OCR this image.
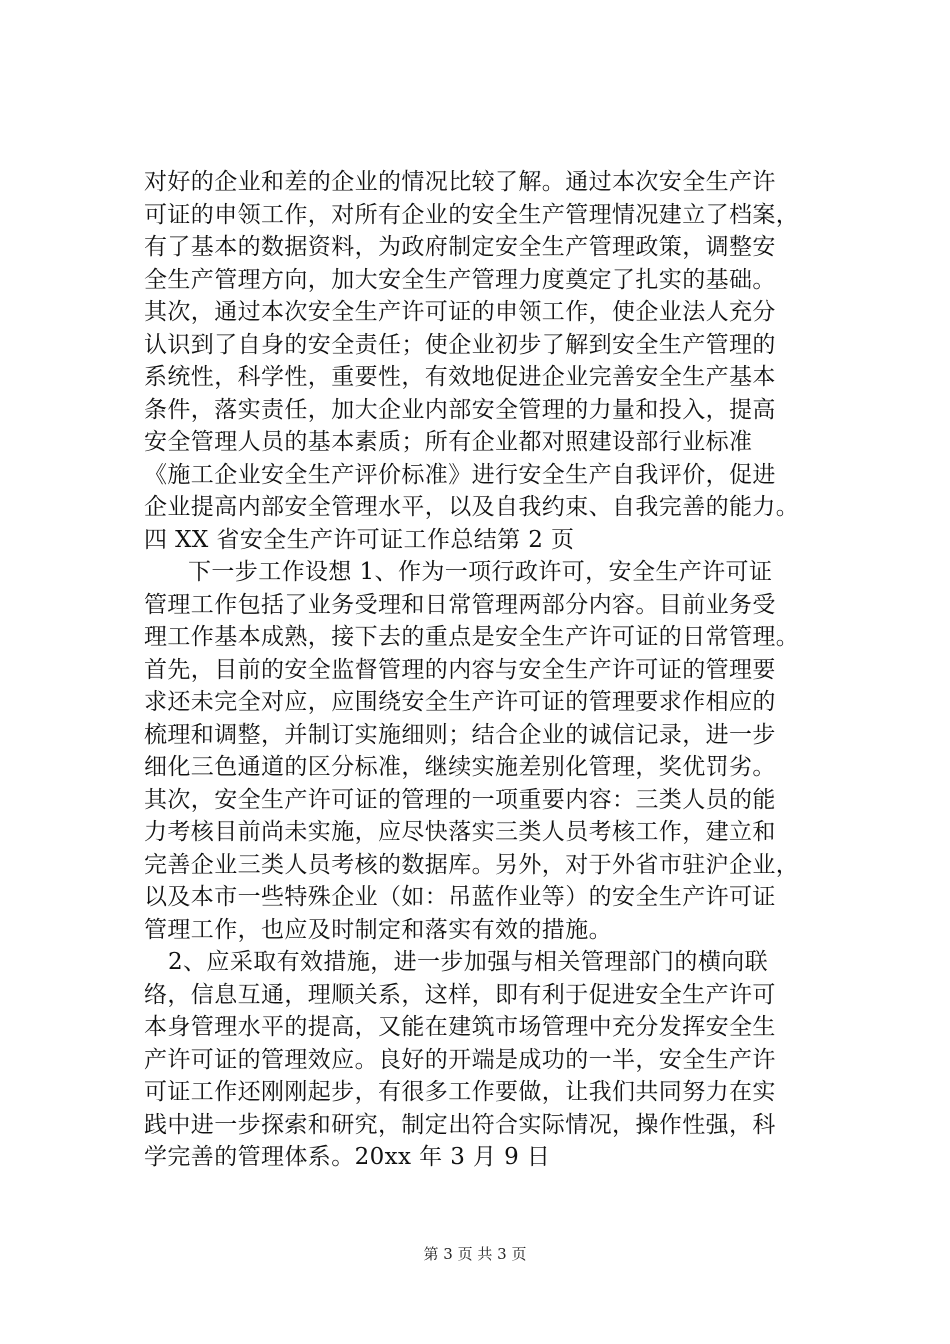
对好的企业和差的企业的情况比较了解。通过本次安全生产许
可证的申领工作，对所有企业的安全生产管理情况建立了档案，
有了基本的数据资料，为政府制定安全生产管理政策，调整安
全生产管理方向，加大安全生产管理力度奠定了扎实的基础。
其次，通过本次安全生产许可证的申领工作，使企业法人充分
认识到了自身的安全责任；使企业初步了解到安全生产管理的
系统性，科学性，重要性，有效地促进企业完善安全生产基本
条件，落实责任，加大企业内部安全管理的力量和投入，提高
安全管理人员的基本素质；所有企业都对照建设部行业标准
《施工企业安全生产评价标准》进行安全生产自我评价，促进
企业提高内部安全管理水平，以及自我约束、自我完善的能力。
四 XX 省安全生产许可证工作总结第 2 页
下一步工作设想 1、作为一项行政许可，安全生产许可证
管理工作包括了业务受理和日常管理两部分内容。目前业务受
理工作基本成熟，接下去的重点是安全生产许可证的日常管理。
首先，目前的安全监督管理的内容与安全生产许可证的管理要
求还未完全对应，应围绕安全生产许可证的管理要求作相应的
梳理和调整，并制订实施细则；结合企业的诚信记录，进一步
细化三色通道的区分标准，继续实施差别化管理，奖优罚劣。
其次，安全生产许可证的管理的一项重要内容：三类人员的能
力考核目前尚未实施，应尽快落实三类人员考核工作，建立和
完善企业三类人员考核的数据库。另外，对于外省市驻沪企业，
以及本市一些特殊企业（如：吊蓝作业等）的安全生产许可证
管理工作，也应及时制定和落实有效的措施。
2、应采取有效措施，进一步加强与相关管理部门的横向联
络，信息互通，理顺关系，这样，即有利于促进安全生产许可
本身管理水平的提高，又能在建筑市场管理中充分发挥安全生
产许可证的管理效应。良好的开端是成功的一半，安全生产许
可证工作还刚刚起步，有很多工作要做，让我们共同努力在实
践中进一步探索和研究，制定出符合实际情况，操作性强，科
学完善的管理体系。20xx 年 3 月 9 日
第 3 页 共 3 页
